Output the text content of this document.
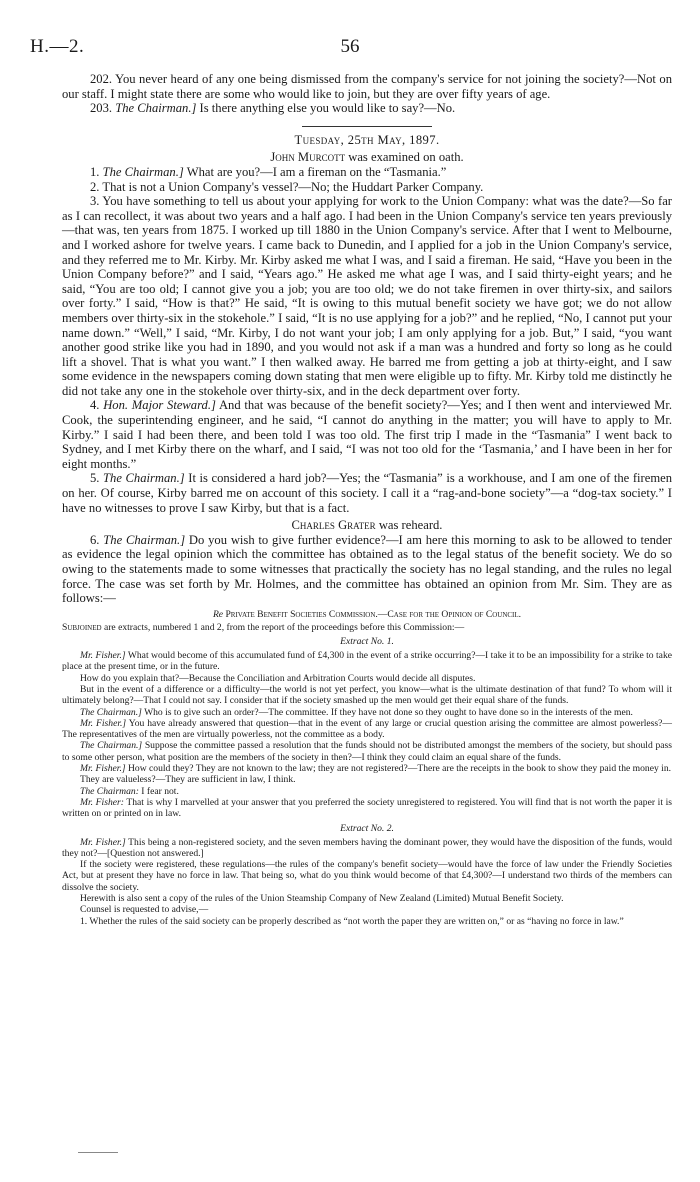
H.—2.	56

202. You never heard of any one being dismissed from the company's service for not joining the society?—Not on our staff. I might state there are some who would like to join, but they are over fifty years of age.

203. The Chairman.] Is there anything else you would like to say?—No.

Tuesday, 25th May, 1897.

John Murcott was examined on oath.

1. The Chairman.] What are you?—I am a fireman on the “Tasmania.”

2. That is not a Union Company's vessel?—No; the Huddart Parker Company.

3. You have something to tell us about your applying for work to the Union Company: what was the date?—So far as I can recollect, it was about two years and a half ago. I had been in the Union Company's service ten years previously—that was, ten years from 1875. I worked up till 1880 in the Union Company's service. After that I went to Melbourne, and I worked ashore for twelve years. I came back to Dunedin, and I applied for a job in the Union Company's service, and they referred me to Mr. Kirby. Mr. Kirby asked me what I was, and I said a fireman. He said, “Have you been in the Union Company before?” and I said, “Years ago.” He asked me what age I was, and I said thirty-eight years; and he said, “You are too old; I cannot give you a job; you are too old; we do not take firemen in over thirty-six, and sailors over forty.” I said, “How is that?” He said, “It is owing to this mutual benefit society we have got; we do not allow members over thirty-six in the stokehole.” I said, “It is no use applying for a job?” and he replied, “No, I cannot put your name down.” “Well,” I said, “Mr. Kirby, I do not want your job; I am only applying for a job. But,” I said, “you want another good strike like you had in 1890, and you would not ask if a man was a hundred and forty so long as he could lift a shovel. That is what you want.” I then walked away. He barred me from getting a job at thirty-eight, and I saw some evidence in the newspapers coming down stating that men were eligible up to fifty. Mr. Kirby told me distinctly he did not take any one in the stokehole over thirty-six, and in the deck department over forty.

4. Hon. Major Steward.] And that was because of the benefit society?—Yes; and I then went and interviewed Mr. Cook, the superintending engineer, and he said, “I cannot do anything in the matter; you will have to apply to Mr. Kirby.” I said I had been there, and been told I was too old. The first trip I made in the “Tasmania” I went back to Sydney, and I met Kirby there on the wharf, and I said, “I was not too old for the ‘Tasmania,’ and I have been in her for eight months.”

5. The Chairman.] It is considered a hard job?—Yes; the “Tasmania” is a workhouse, and I am one of the firemen on her. Of course, Kirby barred me on account of this society. I call it a “rag-and-bone society”—a “dog-tax society.” I have no witnesses to prove I saw Kirby, but that is a fact.

Charles Grater was reheard.

6. The Chairman.] Do you wish to give further evidence?—I am here this morning to ask to be allowed to tender as evidence the legal opinion which the committee has obtained as to the legal status of the benefit society. We do so owing to the statements made to some witnesses that practically the society has no legal standing, and the rules no legal force. The case was set forth by Mr. Holmes, and the committee has obtained an opinion from Mr. Sim. They are as follows:—

Re Private Benefit Societies Commission.—Case for the Opinion of Council.

Subjoined are extracts, numbered 1 and 2, from the report of the proceedings before this Commission:—

Extract No. 1.

Mr. Fisher.] What would become of this accumulated fund of £4,300 in the event of a strike occurring?—I take it to be an impossibility for a strike to take place at the present time, or in the future.

How do you explain that?—Because the Conciliation and Arbitration Courts would decide all disputes.

But in the event of a difference or a difficulty—the world is not yet perfect, you know—what is the ultimate destination of that fund? To whom will it ultimately belong?—That I could not say. I consider that if the society smashed up the men would get their equal share of the funds.

The Chairman.] Who is to give such an order?—The committee. If they have not done so they ought to have done so in the interests of the men.

Mr. Fisher.] You have already answered that question—that in the event of any large or crucial question arising the committee are almost powerless?—The representatives of the men are virtually powerless, not the committee as a body.

The Chairman.] Suppose the committee passed a resolution that the funds should not be distributed amongst the members of the society, but should pass to some other person, what position are the members of the society in then?—I think they could claim an equal share of the funds.

Mr. Fisher.] How could they? They are not known to the law; they are not registered?—There are the receipts in the book to show they paid the money in.

They are valueless?—They are sufficient in law, I think.

The Chairman: I fear not.

Mr. Fisher: That is why I marvelled at your answer that you preferred the society unregistered to registered. You will find that is not worth the paper it is written on or printed on in law.

Extract No. 2.

Mr. Fisher.] This being a non-registered society, and the seven members having the dominant power, they would have the disposition of the funds, would they not?—[Question not answered.]

If the society were registered, these regulations—the rules of the company's benefit society—would have the force of law under the Friendly Societies Act, but at present they have no force in law. That being so, what do you think would become of that £4,300?—I understand two thirds of the members can dissolve the society.

Herewith is also sent a copy of the rules of the Union Steamship Company of New Zealand (Limited) Mutual Benefit Society.

Counsel is requested to advise,—

1. Whether the rules of the said society can be properly described as “not worth the paper they are written on,” or as “having no force in law.”
